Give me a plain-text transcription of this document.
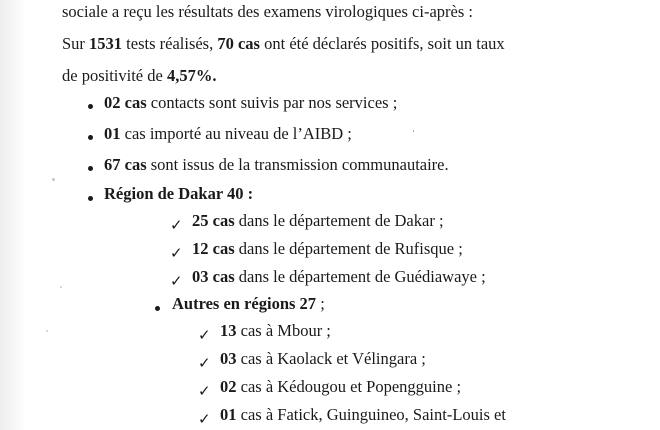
sociale a reçu les résultats des examens virologiques ci-après :
Sur 1531 tests réalisés, 70 cas ont été déclarés positifs, soit un taux
de positivité de 4,57%.
02 cas contacts sont suivis par nos services ;
01 cas importé au niveau de l’AIBD ;	·
67 cas sont issus de la transmission communautaire.
Région de Dakar 40 :
✓ 25 cas dans le département de Dakar ;
✓ 12 cas dans le département de Rufisque ;
✓ 03 cas dans le département de Guédiawaye ;
Autres en régions 27 ;
✓ 13 cas à Mbour ;
✓ 03 cas à Kaolack et Vélingara ;
✓ 02 cas à Kédougou et Popengguine ;
✓ 01 cas à Fatick, Guinguineo, Saint-Louis et
